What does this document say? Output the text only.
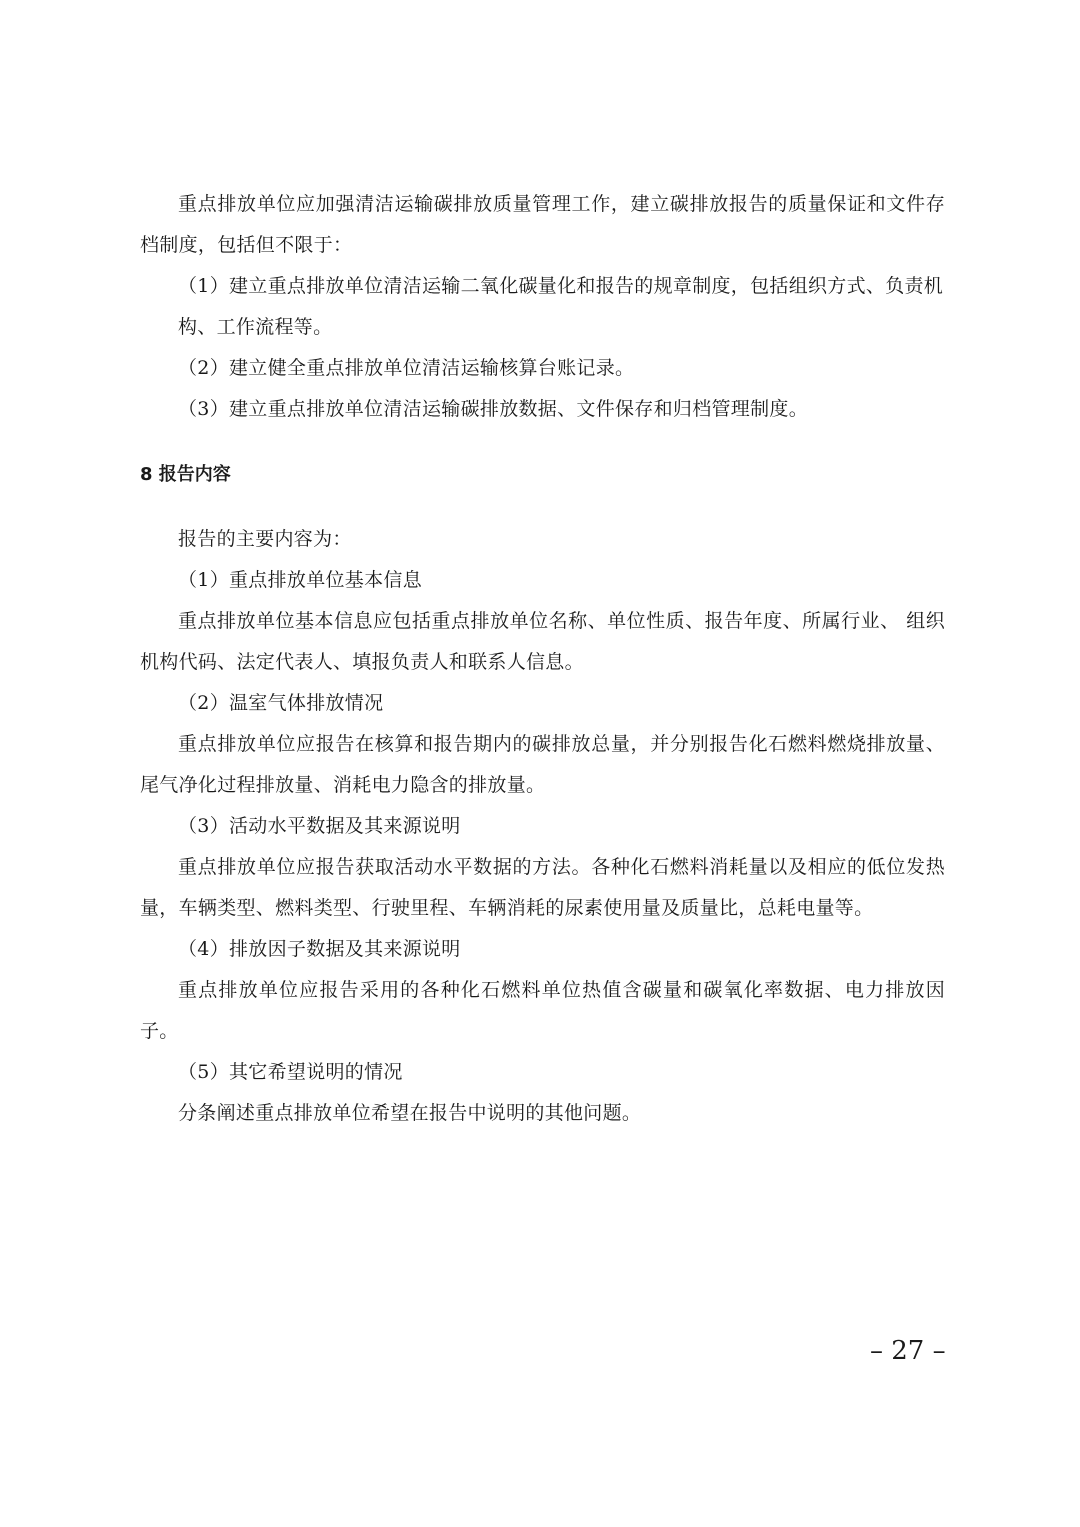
重点排放单位应加强清洁运输碳排放质量管理工作，建立碳排放报告的质量保证和文件存档制度，包括但不限于：

（1）建立重点排放单位清洁运输二氧化碳量化和报告的规章制度，包括组织方式、负责机构、工作流程等。

（2）建立健全重点排放单位清洁运输核算台账记录。

（3）建立重点排放单位清洁运输碳排放数据、文件保存和归档管理制度。

8 报告内容

报告的主要内容为：

（1）重点排放单位基本信息

重点排放单位基本信息应包括重点排放单位名称、单位性质、报告年度、所属行业、 组织机构代码、法定代表人、填报负责人和联系人信息。

（2）温室气体排放情况

重点排放单位应报告在核算和报告期内的碳排放总量，并分别报告化石燃料燃烧排放量、尾气净化过程排放量、消耗电力隐含的排放量。

（3）活动水平数据及其来源说明

重点排放单位应报告获取活动水平数据的方法。各种化石燃料消耗量以及相应的低位发热量，车辆类型、燃料类型、行驶里程、车辆消耗的尿素使用量及质量比，总耗电量等。

（4）排放因子数据及其来源说明

重点排放单位应报告采用的各种化石燃料单位热值含碳量和碳氧化率数据、电力排放因子。

（5）其它希望说明的情况

分条阐述重点排放单位希望在报告中说明的其他问题。

– 27 –
